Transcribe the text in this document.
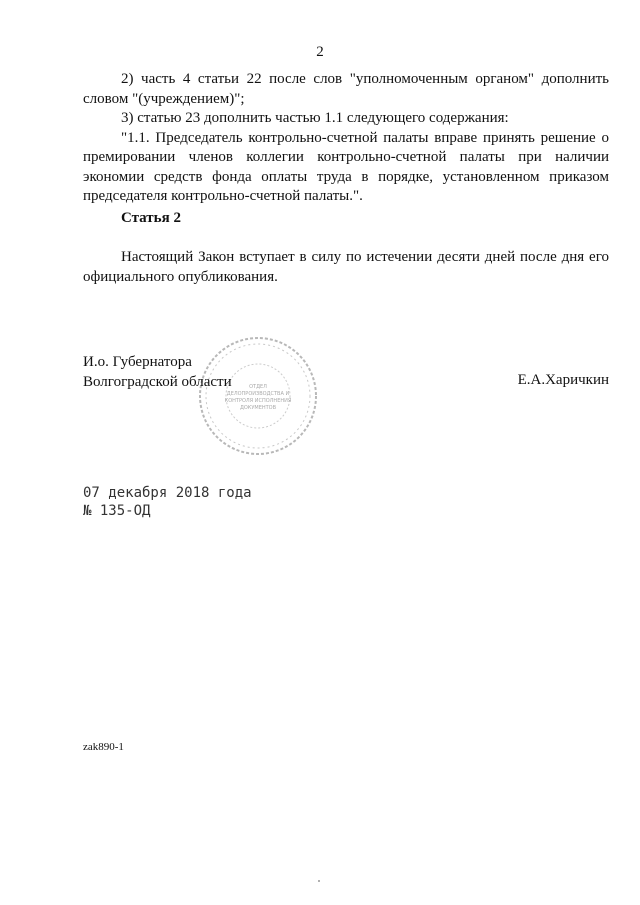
2

2) часть 4 статьи 22 после слов "уполномоченным органом" дополнить словом "(учреждением)";

3) статью 23 дополнить частью 1.1 следующего содержания:

"1.1. Председатель контрольно-счетной палаты вправе принять решение о премировании членов коллегии контрольно-счетной палаты при наличии экономии средств фонда оплаты труда в порядке, установленном приказом председателя контрольно-счетной палаты.".

Статья 2

Настоящий Закон вступает в силу по истечении десяти дней после дня его официального опубликования.

ОТДЕЛ
ДЕЛОПРОИЗВОДСТВА И
КОНТРОЛЯ ИСПОЛНЕНИЯ
ДОКУМЕНТОВ
И.о. Губернатора
Волгоградской области	Е.А.Харичкин
07 декабря 2018 года
№ 135-ОД
zak890-1
